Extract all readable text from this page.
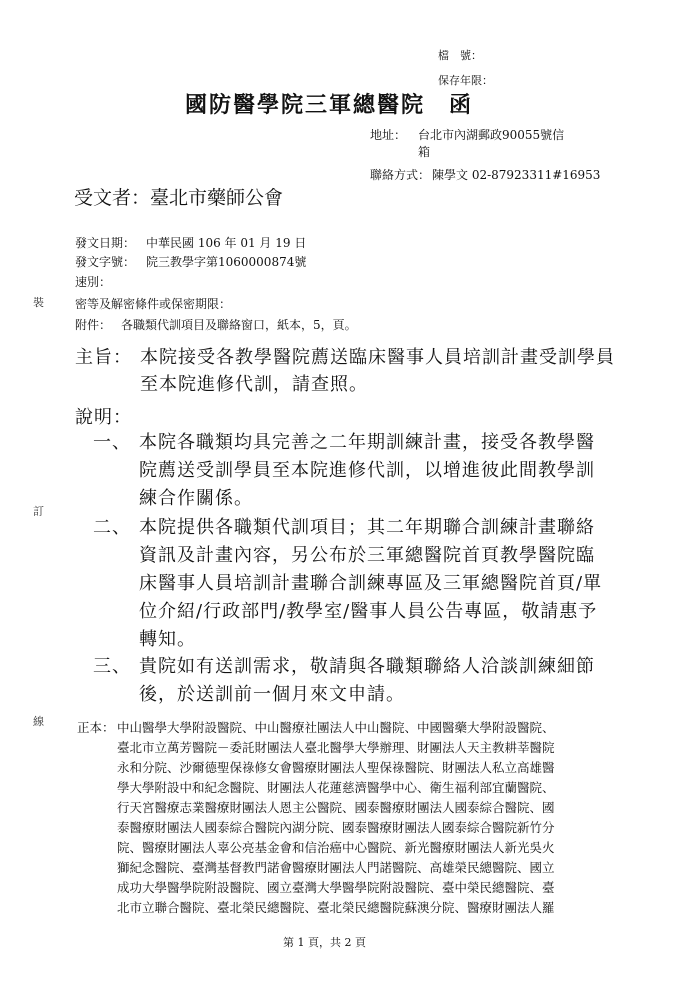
檔　號：
保存年限：
國防醫學院三軍總醫院　函
地址： 台北市內湖郵政90055號信
箱
聯絡方式： 陳學文 02-87923311#16953
受文者： 臺北市藥師公會
發文日期： 中華民國 106 年 01 月 19 日
發文字號： 院三教學字第1060000874號
速別：
密等及解密條件或保密期限：
附件： 各職類代訓項目及聯絡窗口，紙本，5，頁。
主旨： 本院接受各教學醫院薦送臨床醫事人員培訓計畫受訓學員
至本院進修代訓，請查照。
說明：
一、 本院各職類均具完善之二年期訓練計畫，接受各教學醫
院薦送受訓學員至本院進修代訓，以增進彼此間教學訓
練合作關係。
二、 本院提供各職類代訓項目；其二年期聯合訓練計畫聯絡
資訊及計畫內容，另公布於三軍總醫院首頁教學醫院臨
床醫事人員培訓計畫聯合訓練專區及三軍總醫院首頁/單
位介紹/行政部門/教學室/醫事人員公告專區，敬請惠予
轉知。
三、 貴院如有送訓需求，敬請與各職類聯絡人洽談訓練細節
後，於送訓前一個月來文申請。
正本： 中山醫學大學附設醫院、中山醫療社團法人中山醫院、中國醫藥大學附設醫院、
臺北市立萬芳醫院－委託財團法人臺北醫學大學辦理、財團法人天主教耕莘醫院
永和分院、沙爾德聖保祿修女會醫療財團法人聖保祿醫院、財團法人私立高雄醫
學大學附設中和紀念醫院、財團法人花蓮慈濟醫學中心、衛生福利部宜蘭醫院、
行天宮醫療志業醫療財團法人恩主公醫院、國泰醫療財團法人國泰綜合醫院、國
泰醫療財團法人國泰綜合醫院內湖分院、國泰醫療財團法人國泰綜合醫院新竹分
院、醫療財團法人辜公亮基金會和信治癌中心醫院、新光醫療財團法人新光吳火
獅紀念醫院、臺灣基督教門諾會醫療財團法人門諾醫院、高雄榮民總醫院、國立
成功大學醫學院附設醫院、國立臺灣大學醫學院附設醫院、臺中榮民總醫院、臺
北市立聯合醫院、臺北榮民總醫院、臺北榮民總醫院蘇澳分院、醫療財團法人羅
裝
訂
線
第 1 頁，共 2 頁
